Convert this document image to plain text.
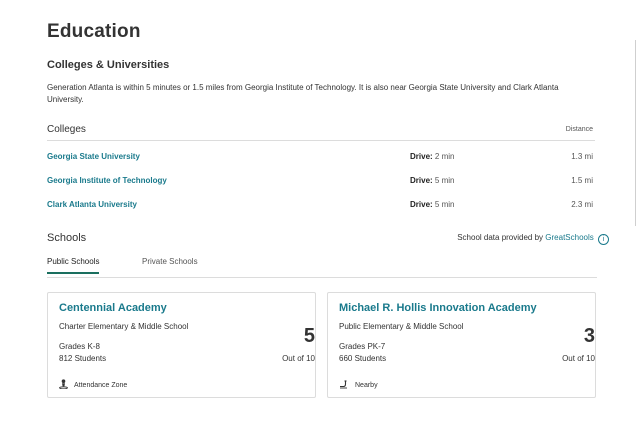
Education
Colleges & Universities
Generation Atlanta is within 5 minutes or 1.5 miles from Georgia Institute of Technology. It is also near Georgia State University and Clark Atlanta University.
Colleges	Distance
Georgia State University	Drive: 2 min	1.3 mi
Georgia Institute of Technology	Drive: 5 min	1.5 mi
Clark Atlanta University	Drive: 5 min	2.3 mi
Schools	School data provided by GreatSchools i
Public Schools	Private Schools
Centennial Academy
Charter Elementary & Middle School
Grades K-8
812 Students
5
Out of 10
Attendance Zone
Michael R. Hollis Innovation Academy
Public Elementary & Middle School
Grades PK-7
660 Students
3
Out of 10
Nearby
